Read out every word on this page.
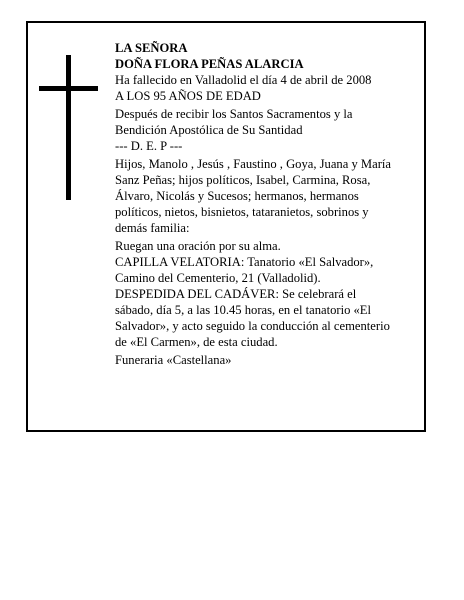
LA SEÑORA
DOÑA FLORA PEÑAS ALARCIA
Ha fallecido en Valladolid el día 4 de abril de 2008
A LOS 95 AÑOS DE EDAD
Después de recibir los Santos Sacramentos y la
Bendición Apostólica de Su Santidad
--- D. E. P ---
Hijos, Manolo , Jesús , Faustino , Goya, Juana y María
Sanz Peñas; hijos políticos, Isabel, Carmina, Rosa,
Álvaro, Nicolás y Sucesos; hermanos, hermanos
políticos, nietos, bisnietos, tataranietos, sobrinos y
demás familia:
Ruegan una oración por su alma.
CAPILLA VELATORIA: Tanatorio «El Salvador»,
Camino del Cementerio, 21 (Valladolid).
DESPEDIDA DEL CADÁVER: Se celebrará el
sábado, día 5, a las 10.45 horas, en el tanatorio «El
Salvador», y acto seguido la conducción al cementerio
de «El Carmen», de esta ciudad.
Funeraria «Castellana»
